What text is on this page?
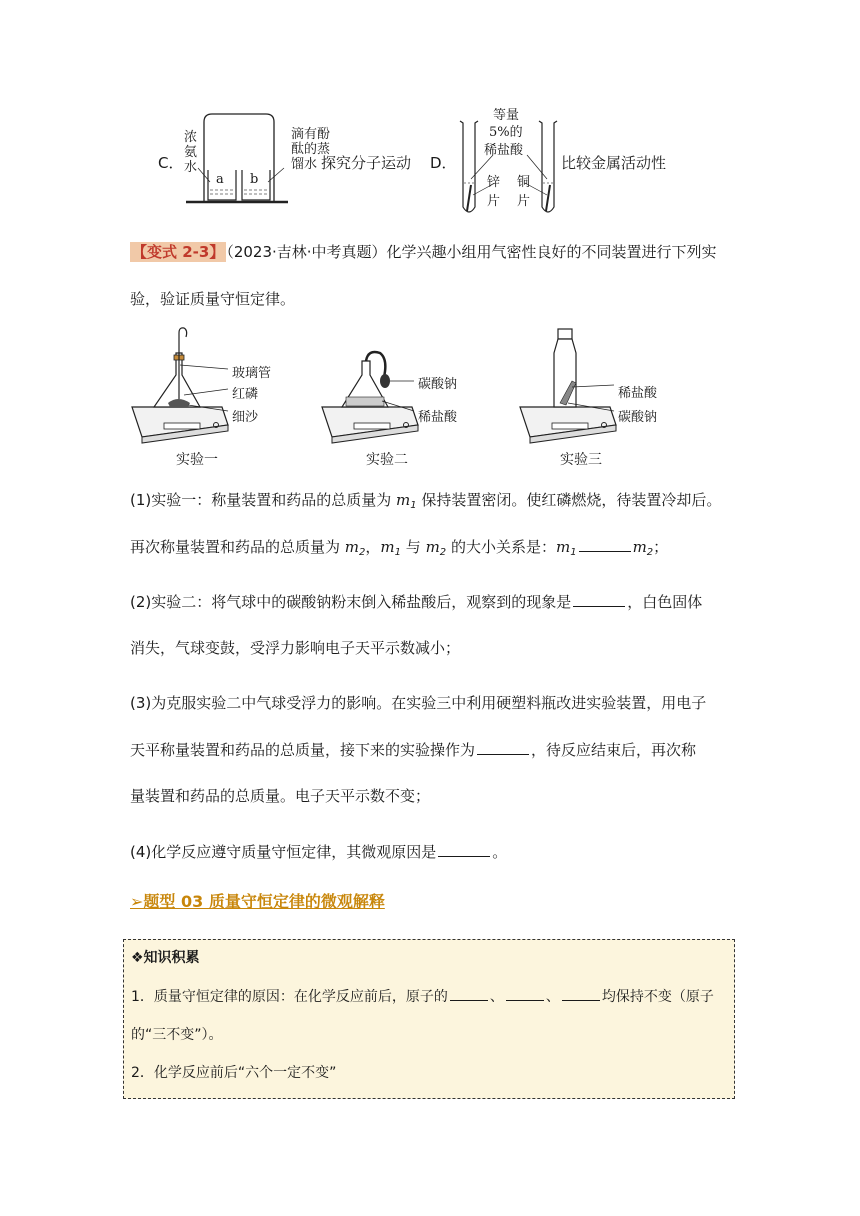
C．
浓氨水
滴有酚酞的蒸馏水
a b
探究分子运动 D．
等量
5%的
稀盐酸
锌
片
铜
片
比较金属活动性
【变式 2-3】 （2023·吉林·中考真题）化学兴趣小组用气密性良好的不同装置进行下列实
验，验证质量守恒定律。
玻璃管
红磷
细沙
实验一
碳酸钠
稀盐酸
实验二
稀盐酸
碳酸钠
实验三
(1)实验一：称量装置和药品的总质量为 $m_1$ 保持装置密闭。使红磷燃烧，待装置冷却后。
再次称量装置和药品的总质量为 $m_2$，$m_1$ 与 $m_2$ 的大小关系是：$m_1$	$m_2$；
(2)实验二：将气球中的碳酸钠粉末倒入稀盐酸后，观察到的现象是	，白色固体
消失，气球变鼓，受浮力影响电子天平示数减小；
(3)为克服实验二中气球受浮力的影响。在实验三中利用硬塑料瓶改进实验装置，用电子
天平称量装置和药品的总质量，接下来的实验操作为	，待反应结束后，再次称
量装置和药品的总质量。电子天平示数不变；
(4)化学反应遵守质量守恒定律，其微观原因是	。
➢题型 03 质量守恒定律的微观解释
❖知识积累
1．质量守恒定律的原因：在化学反应前后，原子的	、	、	均保持不变（原子
的“三不变”）。
2．化学反应前后“六个一定不变”
